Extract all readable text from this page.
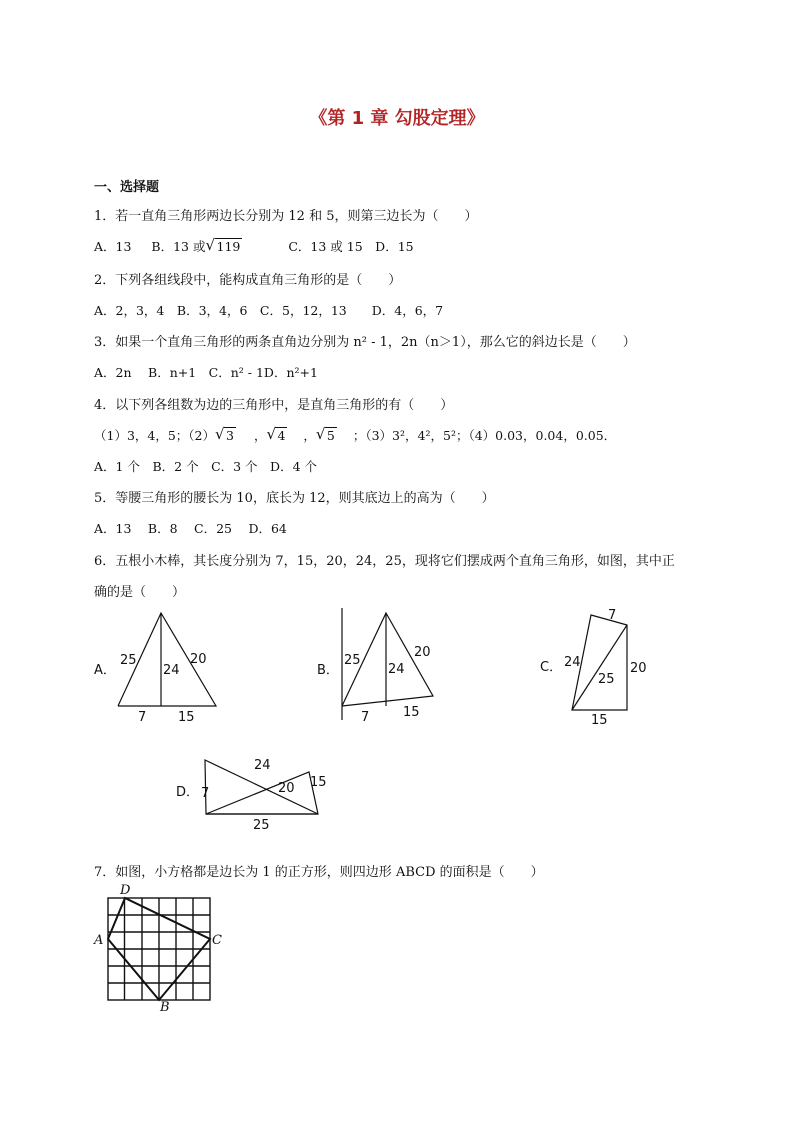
《第 1 章 勾股定理》
一、选择题
1．若一直角三角形两边长分别为 12 和 5，则第三边长为（　　）
A．13 B．13 或 √ 119	C．13 或 15　D．15
2．下列各组线段中，能构成直角三角形的是（　　）
A．2，3，4　B．3，4，6　C．5，12，13　　D．4，6，7
3．如果一个直角三角形的两条直角边分别为 n² - 1，2n（n＞1），那么它的斜边长是（　　）
A．2n　 B．n+1　C．n² - 1D．n²+1
4．以下列各组数为边的三角形中，是直角三角形的有（　　）
（1）3，4，5；（2） √ 3 ， √ 4 ， √ 5 ；（3）3²，4²，5²；（4）0.03，0.04，0.05．
A．1 个　B．2 个　C．3 个　D．4 个
5．等腰三角形的腰长为 10，底长为 12，则其底边上的高为（　　）
A．13　 B．8　 C．25　 D．64
6．五根小木棒，其长度分别为 7，15，20，24，25，现将它们摆成两个直角三角形，如图，其中正
确的是（　　）
A．
25
24
20
7 15
B．
25
24
20
7	15
C．
7
24
25
20
15
D． 7
24
20 15
25
7．如图，小方格都是边长为 1 的正方形，则四边形 ABCD 的面积是（　　）
D
A	C
B
